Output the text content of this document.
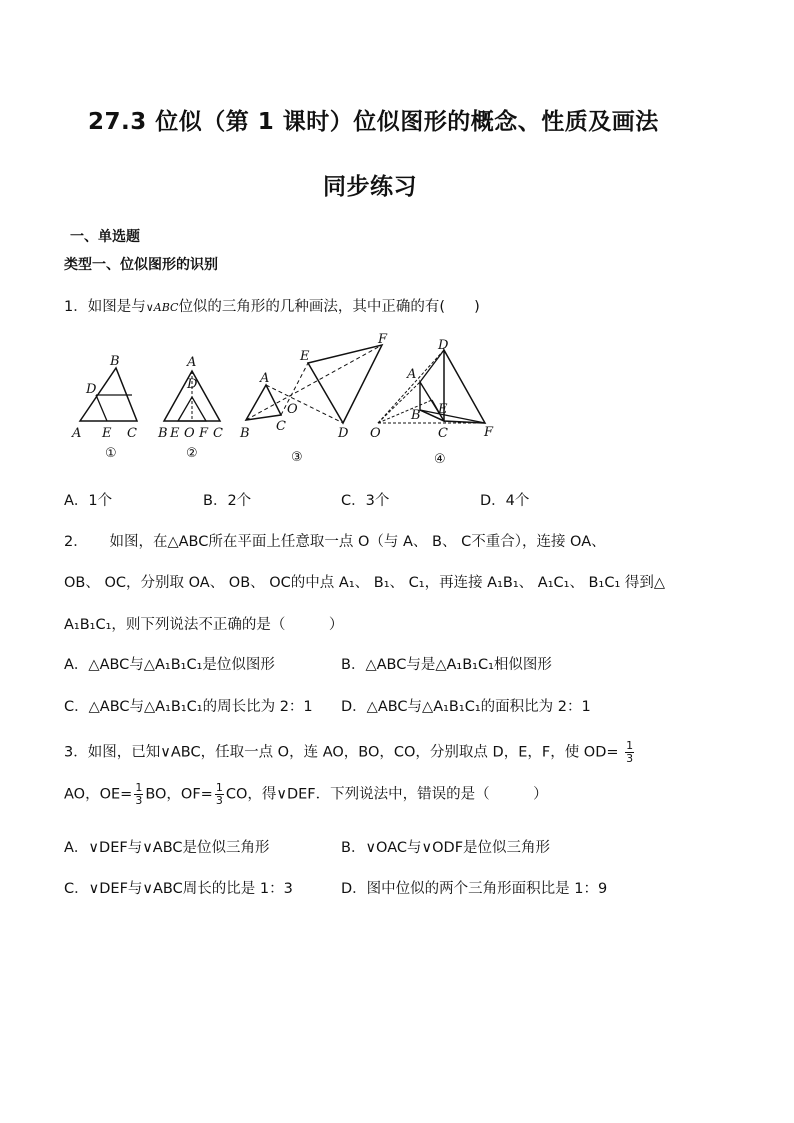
27.3 位似（第 1 课时）位似图形的概念、性质及画法
同步练习
一、单选题
类型一、位似图形的识别
1．如图是与∨ABC位似的三角形的几种画法，其中正确的有(　　)
B
D
A E C
①
A
D
B E O F C
②
A
B C
O
E
F
D
③
D
A
B E
C
O	F
④
A．1个	B．2个	C．3个	D．4个
2．　　如图，在△ABC所在平面上任意取一点 O（与 A、 B、 C不重合），连接 OA、
OB、 OC，分别取 OA、 OB、 OC的中点 A₁、 B₁、 C₁，再连接 A₁B₁、 A₁C₁、 B₁C₁ 得到△
A₁B₁C₁，则下列说法不正确的是（　　　）
A．△ABC与△A₁B₁C₁是位似图形	B．△ABC与是△A₁B₁C₁相似图形
C．△ABC与△A₁B₁C₁的周长比为 2：1 D．△ABC与△A₁B₁C₁的面积比为 2：1
3．如图，已知∨ABC，任取一点 O，连 AO，BO，CO，分别取点 D，E，F，使 $OD= \frac{1}{3}$
AO，$OE= \frac{1}{3}$ BO，$OF= \frac{1}{3}$ CO，得∨DEF．下列说法中，错误的是（　　　）
A．∨DEF与∨ABC是位似三角形	B．∨OAC与∨ODF是位似三角形
C．∨DEF与∨ABC周长的比是 1：3	D．图中位似的两个三角形面积比是 1：9
